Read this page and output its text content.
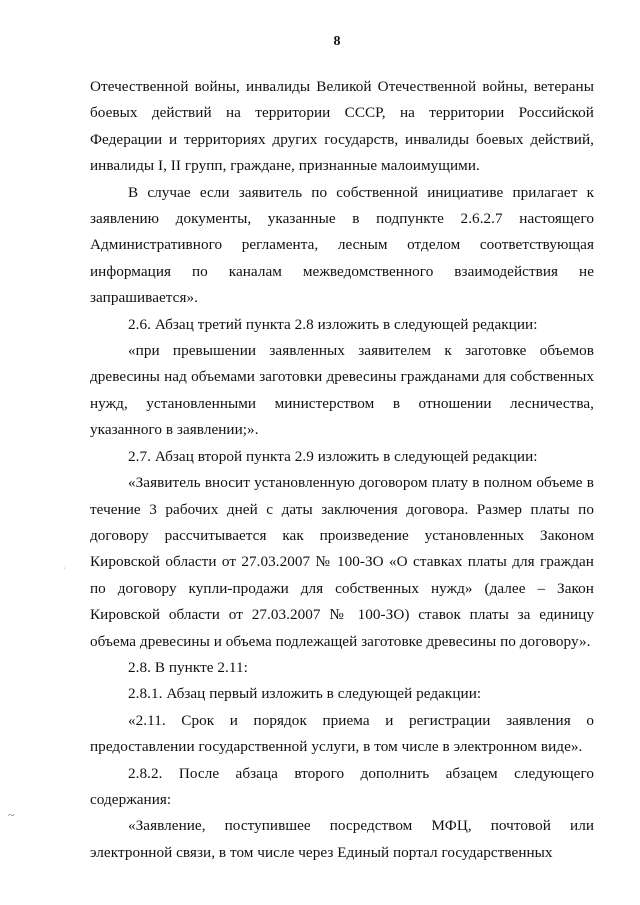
8

Отечественной войны, инвалиды Великой Отечественной войны, ветераны боевых действий на территории СССР, на территории Российской Федерации и территориях других государств, инвалиды боевых действий, инвалиды I, II групп, граждане, признанные малоимущими.

В случае если заявитель по собственной инициативе прилагает к заявлению документы, указанные в подпункте 2.6.2.7 настоящего Административного регламента, лесным отделом соответствующая информация по каналам межведомственного взаимодействия не запрашивается».

2.6. Абзац третий пункта 2.8 изложить в следующей редакции:

«при превышении заявленных заявителем к заготовке объемов древесины над объемами заготовки древесины гражданами для собственных нужд, установленными министерством в отношении лесничества, указанного в заявлении;».

2.7. Абзац второй пункта 2.9 изложить в следующей редакции:

«Заявитель вносит установленную договором плату в полном объеме в течение 3 рабочих дней с даты заключения договора. Размер платы по договору рассчитывается как произведение установленных Законом Кировской области от 27.03.2007 № 100-ЗО «О ставках платы для граждан по договору купли-продажи для собственных нужд» (далее – Закон Кировской области от 27.03.2007 № 100-ЗО) ставок платы за единицу объема древесины и объема подлежащей заготовке древесины по договору».

2.8. В пункте 2.11:

2.8.1. Абзац первый изложить в следующей редакции:

«2.11. Срок и порядок приема и регистрации заявления о предоставлении государственной услуги, в том числе в электронном виде».

2.8.2. После абзаца второго дополнить абзацем следующего содержания:

«Заявление, поступившее посредством МФЦ, почтовой или электронной связи, в том числе через Единый портал государственных

'
~
